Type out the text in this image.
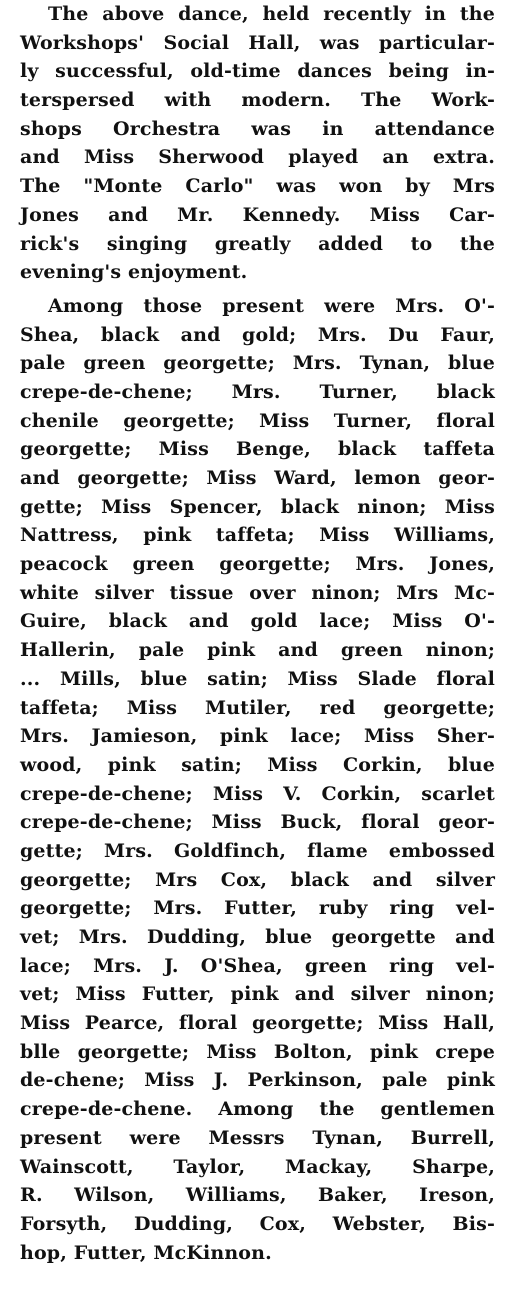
The above dance, held recently in the
Workshops' Social Hall, was particular-
ly successful, old-time dances being in-
terspersed with modern. The Work-
shops Orchestra was in attendance
and Miss Sherwood played an extra.
The "Monte Carlo" was won by Mrs
Jones and Mr. Kennedy. Miss Car-
rick's singing greatly added to the
evening's enjoyment.
Among those present were Mrs. O'-
Shea, black and gold; Mrs. Du Faur,
pale green georgette; Mrs. Tynan, blue
crepe-de-chene; Mrs. Turner, black
chenile georgette; Miss Turner, floral
georgette; Miss Benge, black taffeta
and georgette; Miss Ward, lemon geor-
gette; Miss Spencer, black ninon; Miss
Nattress, pink taffeta; Miss Williams,
peacock green georgette; Mrs. Jones,
white silver tissue over ninon; Mrs Mc-
Guire, black and gold lace; Miss O'-
Hallerin, pale pink and green ninon;
... Mills, blue satin; Miss Slade floral
taffeta; Miss Mutiler, red georgette;
Mrs. Jamieson, pink lace; Miss Sher-
wood, pink satin; Miss Corkin, blue
crepe-de-chene; Miss V. Corkin, scarlet
crepe-de-chene; Miss Buck, floral geor-
gette; Mrs. Goldfinch, flame embossed
georgette; Mrs Cox, black and silver
georgette; Mrs. Futter, ruby ring vel-
vet; Mrs. Dudding, blue georgette and
lace; Mrs. J. O'Shea, green ring vel-
vet; Miss Futter, pink and silver ninon;
Miss Pearce, floral georgette; Miss Hall,
blle georgette; Miss Bolton, pink crepe
de-chene; Miss J. Perkinson, pale pink
crepe-de-chene. Among the gentlemen
present were Messrs Tynan, Burrell,
Wainscott, Taylor, Mackay, Sharpe,
R. Wilson, Williams, Baker, Ireson,
Forsyth, Dudding, Cox, Webster, Bis-
hop, Futter, McKinnon.
